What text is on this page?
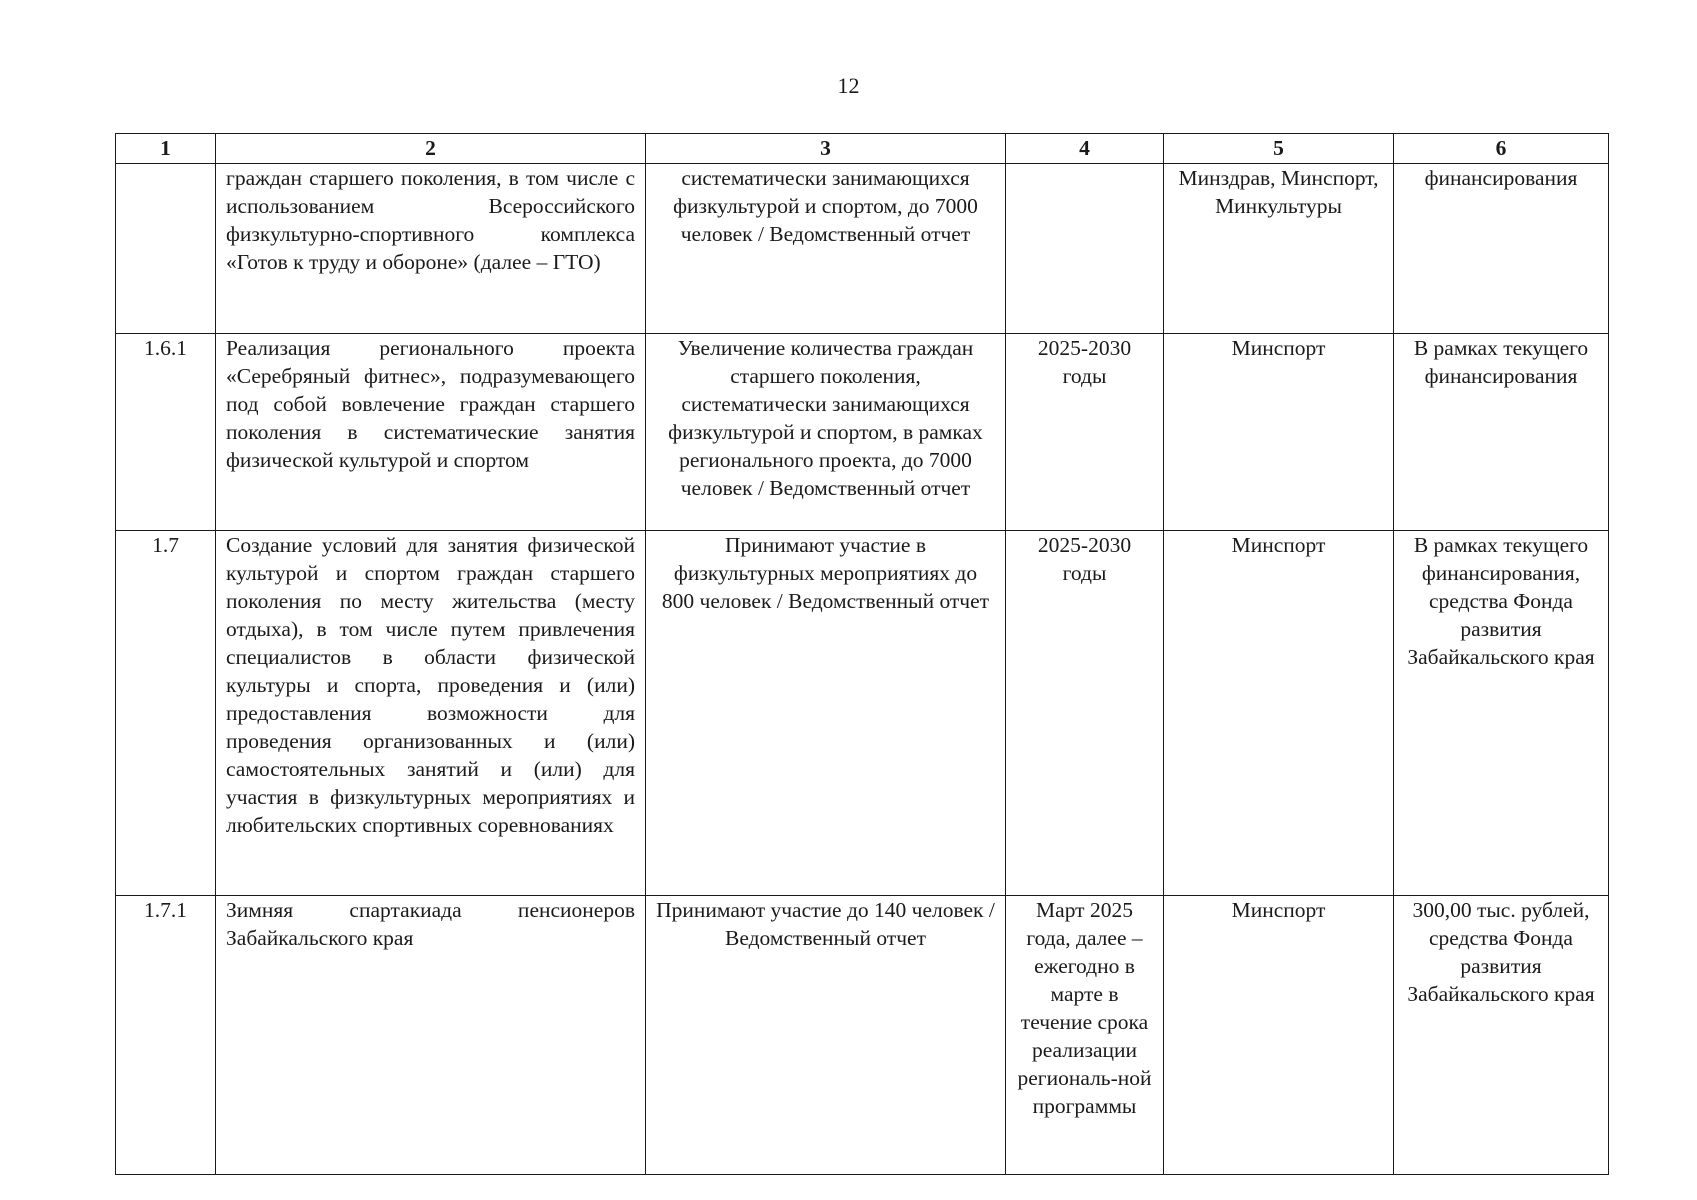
12
1	2	3	4	5	6
	граждан старшего поколения, в том числе с использованием Всероссийского физкультурно-спортивного комплекса «Готов к труду и обороне» (далее – ГТО)	систематически занимающихся физкультурой и спортом, до 7000 человек / Ведомственный отчет		Минздрав, Минспорт, Минкультуры	финансирования
1.6.1	Реализация регионального проекта «Серебряный фитнес», подразумевающего под собой вовлечение граждан старшего поколения в систематические занятия физической культурой и спортом	Увеличение количества граждан старшего поколения, систематически занимающихся физкультурой и спортом, в рамках регионального проекта, до 7000 человек / Ведомственный отчет	2025-2030 годы	Минспорт	В рамках текущего финансирования
1.7	Создание условий для занятия физической культурой и спортом граждан старшего поколения по месту жительства (месту отдыха), в том числе путем привлечения специалистов в области физической культуры и спорта, проведения и (или) предоставления возможности для проведения организованных и (или) самостоятельных занятий и (или) для участия в физкультурных мероприятиях и любительских спортивных соревнованиях	Принимают участие в физкультурных мероприятиях до 800 человек / Ведомственный отчет	2025-2030 годы	Минспорт	В рамках текущего финансирования, средства Фонда развития Забайкальского края
1.7.1	Зимняя спартакиада пенсионеров Забайкальского края	Принимают участие до 140 человек / Ведомственный отчет	Март 2025 года, далее – ежегодно в марте в течение срока реализации региональ-ной программы	Минспорт	300,00 тыс. рублей, средства Фонда развития Забайкальского края
